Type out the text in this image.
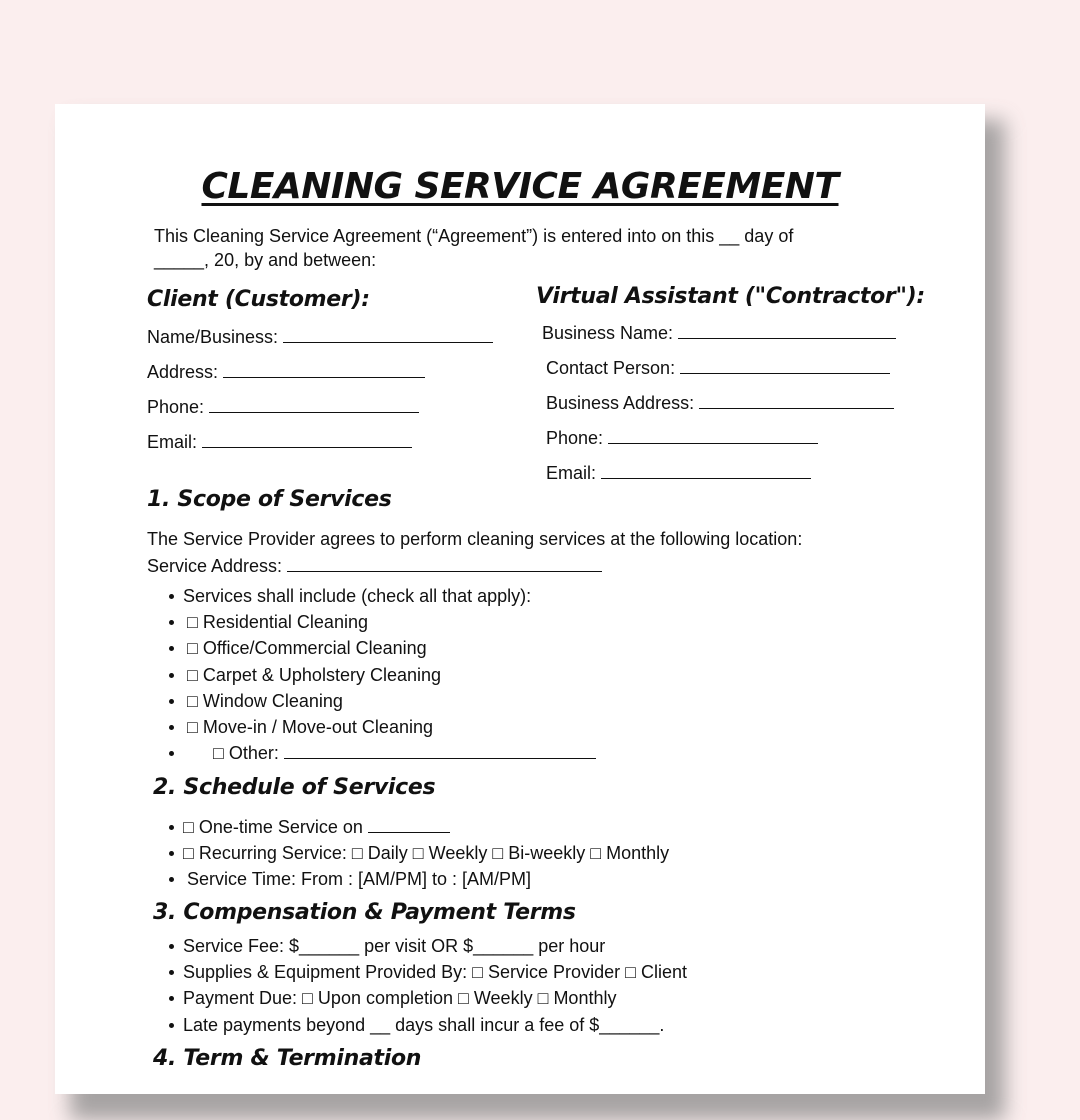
CLEANING SERVICE AGREEMENT
This Cleaning Service Agreement (“Agreement”) is entered into on this __ day of
_____, 20, by and between:
Client (Customer):
Name/Business:
Address:
Phone:
Email:
Virtual Assistant ("Contractor"):
Business Name:
Contact Person:
Business Address:
Phone:
Email:
1. Scope of Services
The Service Provider agrees to perform cleaning services at the following location:
Service Address:
Services shall include (check all that apply):
□ Residential Cleaning
□ Office/Commercial Cleaning
□ Carpet & Upholstery Cleaning
□ Window Cleaning
□ Move-in / Move-out Cleaning
□ Other:
2. Schedule of Services
□ One-time Service on
□ Recurring Service: □ Daily □ Weekly □ Bi-weekly □ Monthly
Service Time: From : [AM/PM] to : [AM/PM]
3. Compensation & Payment Terms
Service Fee: $______ per visit OR $______ per hour
Supplies & Equipment Provided By: □ Service Provider □ Client
Payment Due: □ Upon completion □ Weekly □ Monthly
Late payments beyond __ days shall incur a fee of $______.
4. Term & Termination
